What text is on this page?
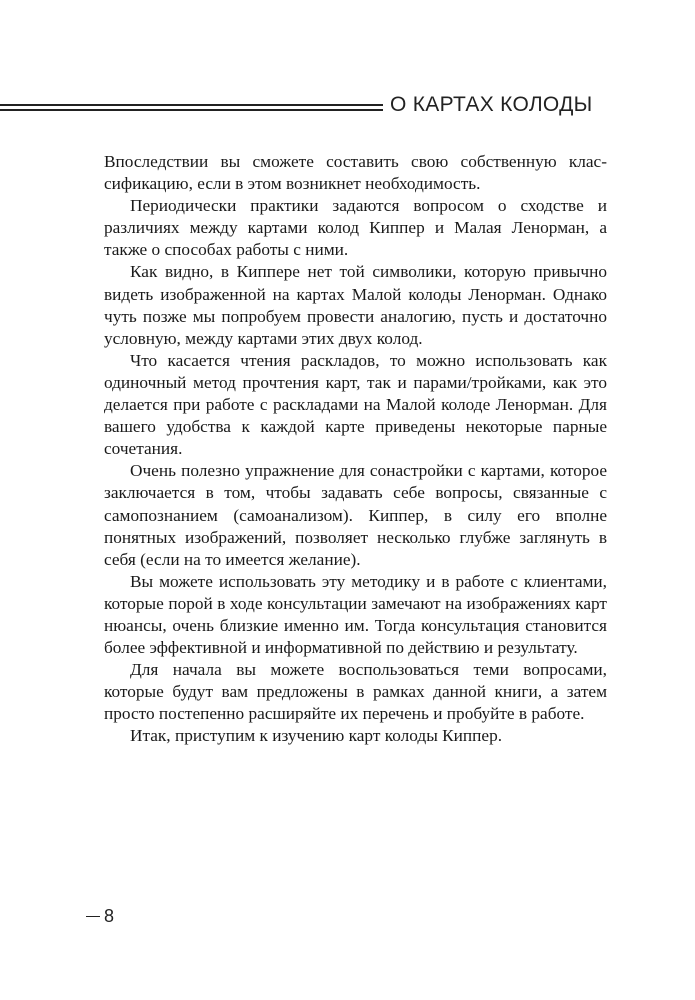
О КАРТАХ КОЛОДЫ

Впоследствии вы сможете составить свою собственную классификацию, если в этом возникнет необходимость.

Периодически практики задаются вопросом о сходстве и различиях между картами колод Киппер и Малая Ленорман, а также о способах работы с ними.

Как видно, в Киппере нет той символики, которую привычно видеть изображенной на картах Малой колоды Ленорман. Однако чуть позже мы попробуем провести аналогию, пусть и достаточно условную, между картами этих двух колод.

Что касается чтения раскладов, то можно использовать как одиночный метод прочтения карт, так и парами/тройками, как это делается при работе с раскладами на Малой колоде Ленорман. Для вашего удобства к каждой карте приведены некоторые парные сочетания.

Очень полезно упражнение для сонастройки с картами, которое заключается в том, чтобы задавать себе вопросы, связанные с самопознанием (самоанализом). Киппер, в силу его вполне понятных изображений, позволяет несколько глубже заглянуть в себя (если на то имеется желание).

Вы можете использовать эту методику и в работе с клиентами, которые порой в ходе консультации замечают на изображениях карт нюансы, очень близкие именно им. Тогда консультация становится более эффективной и информативной по действию и результату.

Для начала вы можете воспользоваться теми вопросами, которые будут вам предложены в рамках данной книги, а затем просто постепенно расширяйте их перечень и пробуйте в работе.

Итак, приступим к изучению карт колоды Киппер.

8
